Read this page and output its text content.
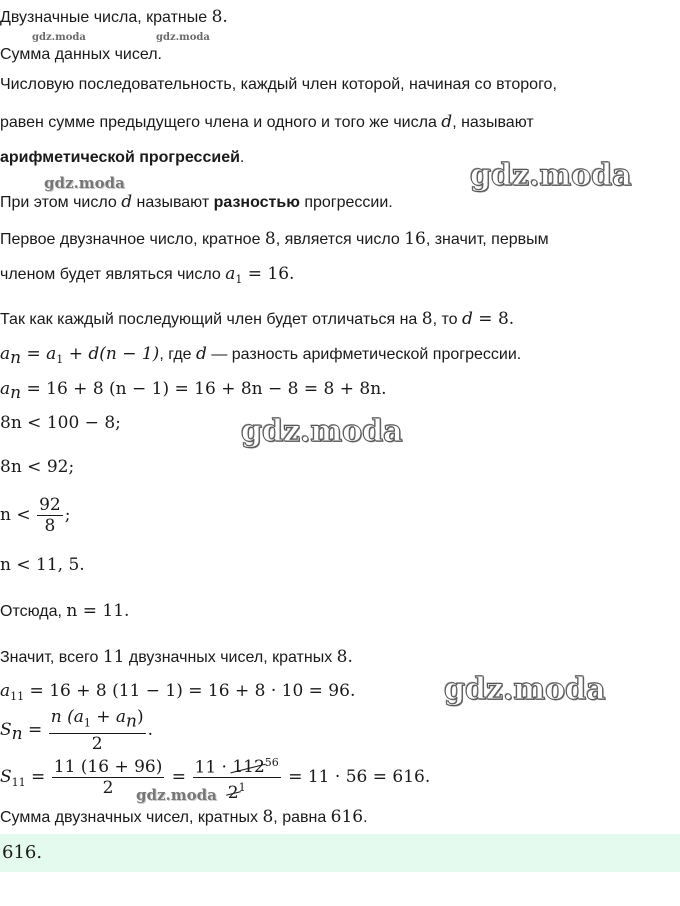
gdz.moda	gdz.moda
gdz.moda
gdz.moda
gdz.moda
gdz.moda
gdz.moda
Двузначные числа, кратные 8.
Сумма данных чисел.
Числовую последовательность, каждый член которой, начиная со второго,
равен сумме предыдущего члена и одного и того же числа d, называют
арифметической прогрессией.
При этом число d называют разностью прогрессии.
Первое двузначное число, кратное 8, является число 16, значит, первым
членом будет являться число $a_1 = 16$.
Так как каждый последующий член будет отличаться на 8, то d = 8.
$a_n = a_1 + d(n - 1)$, где d — разность арифметической прогрессии.
$a_n = 16 + 8$ (n − 1) = 16 + 8n − 8 = 8 + 8n.
8n < 100 − 8;
8n < 92;
$n < \frac{92}{8}$ ;
n < 11, 5.
Отсюда, n = 11.
Значит, всего 11 двузначных чисел, кратных 8.
$a_{11} = 16 + 8$ (11 − 1) = 16 + 8 · 10 = 96.
$S_n = \frac{n (a_1 + a_n)}{2}$ .
$S_{11} = \frac{11 (16 + 96)}{2} = \frac{11 \cdot 112^{56}}{2^1} = 11 \cdot 56 = 616$.
Сумма двузначных чисел, кратных 8, равна 616.
616.
